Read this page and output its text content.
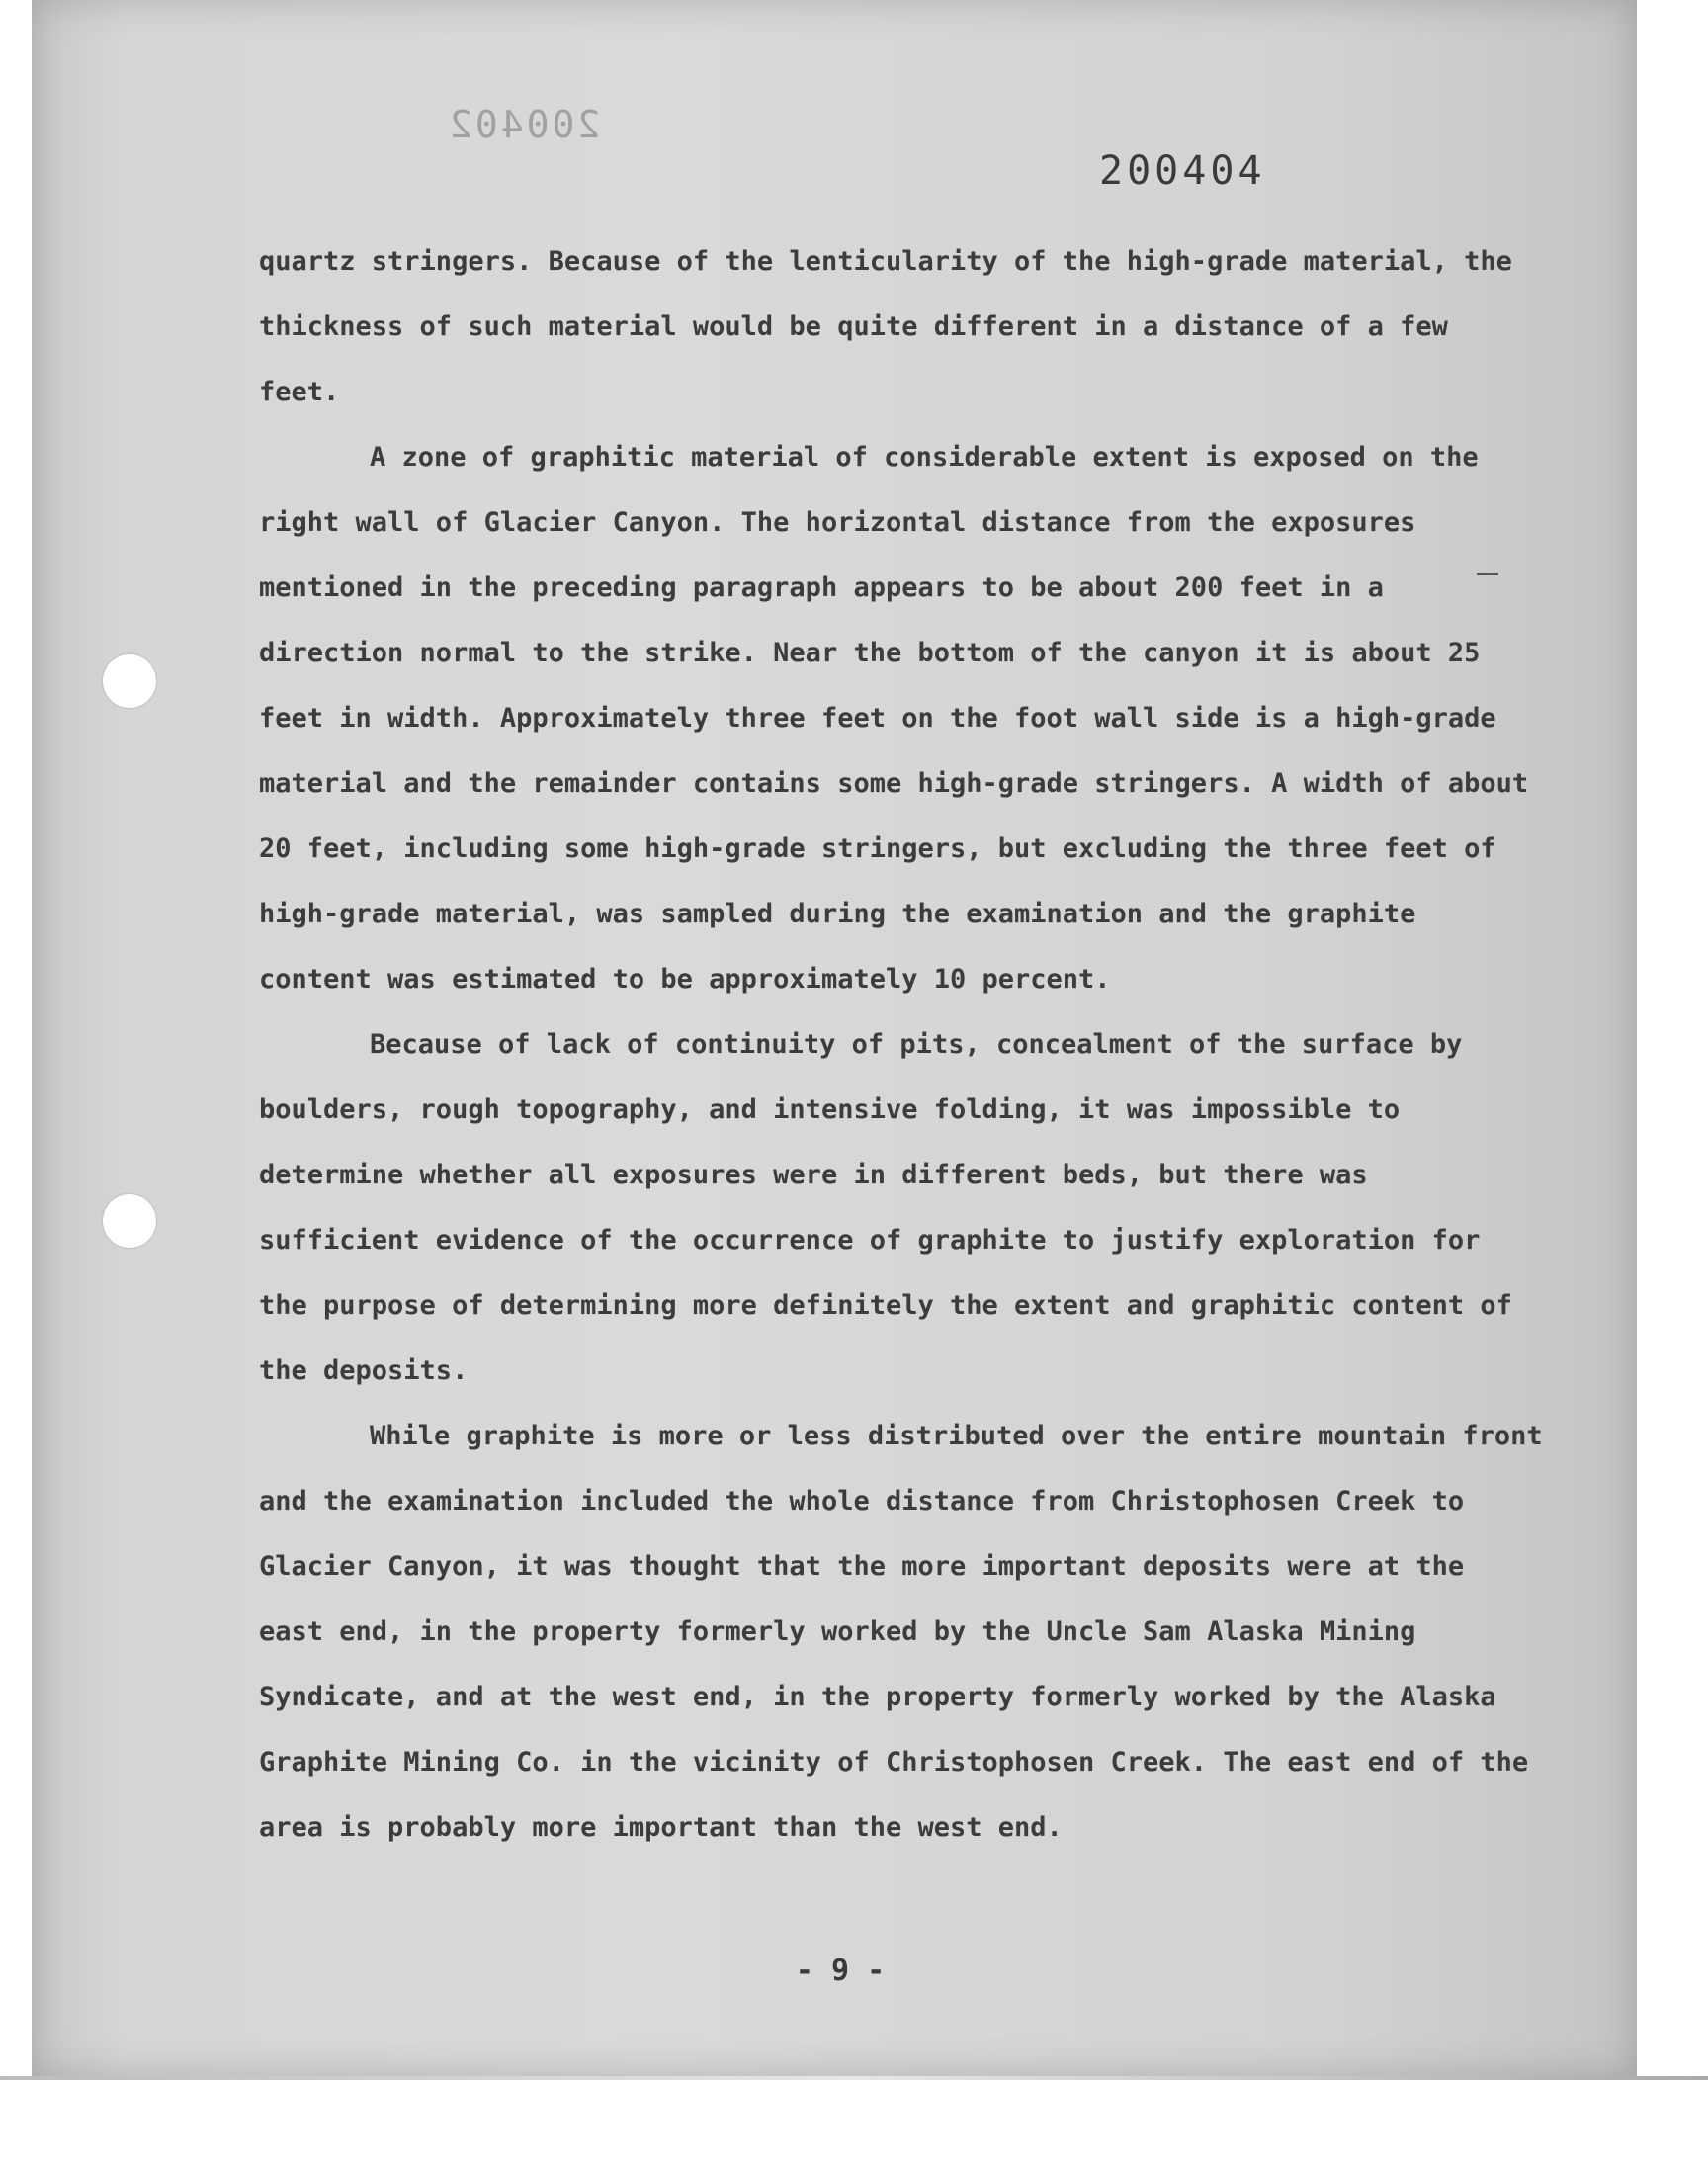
200402
200404

quartz stringers. Because of the lenticularity of the high-grade material, the thickness of such material would be quite different in a distance of a few feet.

A zone of graphitic material of considerable extent is exposed on the right wall of Glacier Canyon. The horizontal distance from the exposures mentioned in the preceding paragraph appears to be about 200 feet in a direction normal to the strike. Near the bottom of the canyon it is about 25 feet in width. Approximately three feet on the foot wall side is a high-grade material and the remainder contains some high-grade stringers. A width of about 20 feet, including some high-grade stringers, but excluding the three feet of high-grade material, was sampled during the examination and the graphite content was estimated to be approximately 10 percent.

Because of lack of continuity of pits, concealment of the surface by boulders, rough topography, and intensive folding, it was impossible to determine whether all exposures were in different beds, but there was sufficient evidence of the occurrence of graphite to justify exploration for the purpose of determining more definitely the extent and graphitic content of the deposits.

While graphite is more or less distributed over the entire mountain front and the examination included the whole distance from Christophosen Creek to Glacier Canyon, it was thought that the more important deposits were at the east end, in the property formerly worked by the Uncle Sam Alaska Mining Syndicate, and at the west end, in the property formerly worked by the Alaska Graphite Mining Co. in the vicinity of Christophosen Creek. The east end of the area is probably more important than the west end.

- 9 -
